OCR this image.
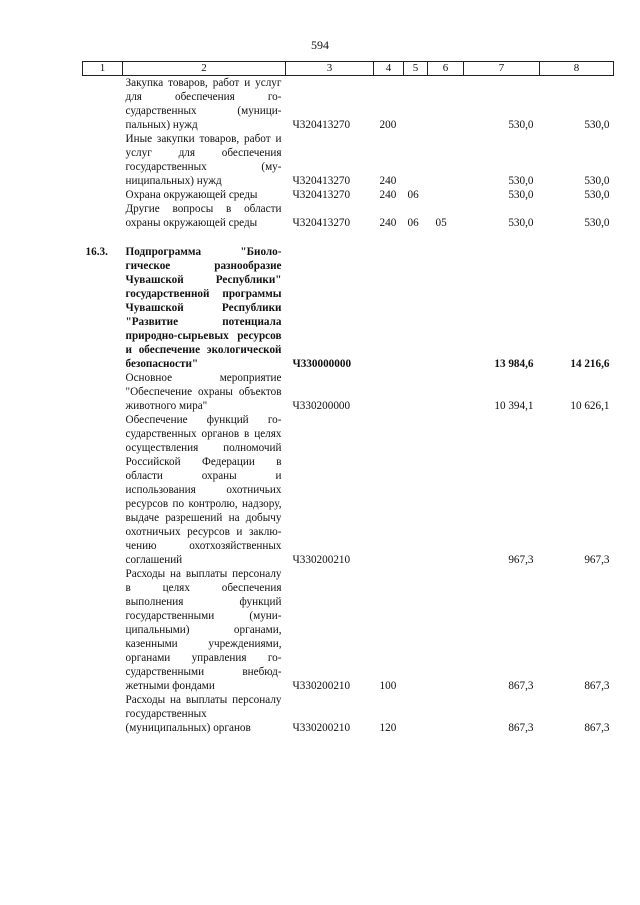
594
1	2	3	4	5	6	7	8
	Закупка товаров, работ и услуг для обеспечения государственных (муниципальных) нужд	Ч320413270	200			530,0	530,0
	Иные закупки товаров, работ и услуг для обеспечения государственных (муниципальных) нужд	Ч320413270	240			530,0	530,0
	Охрана окружающей среды	Ч320413270	240	06		530,0	530,0
	Другие вопросы в области охраны окружающей среды	Ч320413270	240	06	05	530,0	530,0

16.3.	Подпрограмма "Биологическое разнообразие Чувашской Республики" государственной программы Чувашской Республики "Развитие потенциала природно-сырьевых ресурсов и обеспечение экологической безопасности"	Ч330000000				13 984,6	14 216,6
	Основное мероприятие "Обеспечение охраны объектов животного мира"	Ч330200000				10 394,1	10 626,1
	Обеспечение функций государственных органов в целях осуществления полномочий Российской Федерации в области охраны и использования охотничьих ресурсов по контролю, надзору, выдаче разрешений на добычу охотничьих ресурсов и заключению охотхозяйственных соглашений	Ч330200210				967,3	967,3
	Расходы на выплаты персоналу в целях обеспечения выполнения функций государственными (муниципальными) органами, казенными учреждениями, органами управления государственными внебюджетными фондами	Ч330200210	100			867,3	867,3
	Расходы на выплаты персоналу государственных (муниципальных) органов	Ч330200210	120			867,3	867,3
